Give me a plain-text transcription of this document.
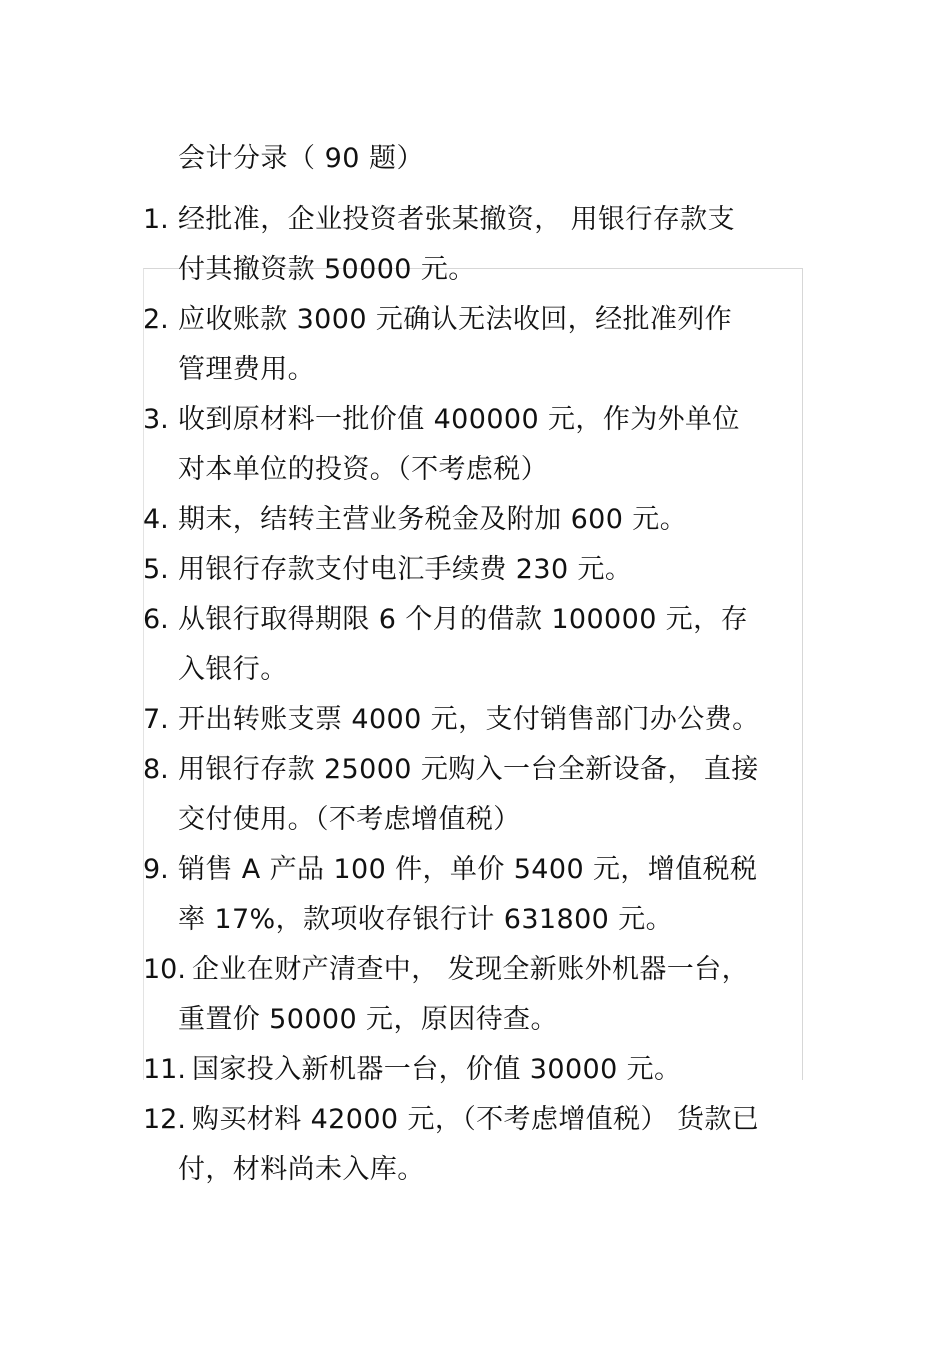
会计分录（ 90 题）
1. 经批准，企业投资者张某撤资， 用银行存款支
付其撤资款 50000 元。
2. 应收账款 3000 元确认无法收回，经批准列作
管理费用。
3. 收到原材料一批价值 400000 元，作为外单位
对本单位的投资。（不考虑税）
4. 期末，结转主营业务税金及附加 600 元。
5. 用银行存款支付电汇手续费 230 元。
6. 从银行取得期限 6 个月的借款 100000 元，存
入银行。
7. 开出转账支票 4000 元，支付销售部门办公费。
8. 用银行存款 25000 元购入一台全新设备， 直接
交付使用。（不考虑增值税）
9. 销售 A 产品 100 件，单价 5400 元，增值税税
率 17%，款项收存银行计 631800 元。
10. 企业在财产清查中， 发现全新账外机器一台，
重置价 50000 元，原因待查。
11. 国家投入新机器一台，价值 30000 元。
12. 购买材料 42000 元，（不考虑增值税） 货款已
付，材料尚未入库。
